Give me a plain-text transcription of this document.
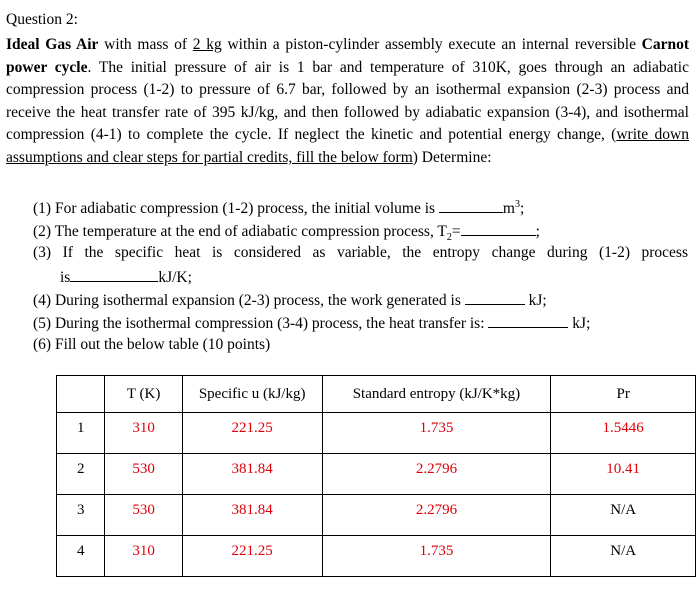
Question 2:
Ideal Gas Air with mass of 2 kg within a piston-cylinder assembly execute an internal reversible Carnot power cycle. The initial pressure of air is 1 bar and temperature of 310K, goes through an adiabatic compression process (1-2) to pressure of 6.7 bar, followed by an isothermal expansion (2-3) process and receive the heat transfer rate of 395 kJ/kg, and then followed by adiabatic expansion (3-4), and isothermal compression (4-1) to complete the cycle. If neglect the kinetic and potential energy change, (write down assumptions and clear steps for partial credits, fill the below form) Determine:
(1) For adiabatic compression (1-2) process, the initial volume is	$m^3$;
(2) The temperature at the end of adiabatic compression process, $T_2=$	;
(3) If the specific heat is considered as variable, the entropy change during (1-2) process
is	kJ/K;
(4) During isothermal expansion (2-3) process, the work generated is	kJ;
(5) During the isothermal compression (3-4) process, the heat transfer is:	kJ;
(6) Fill out the below table (10 points)
	T (K)	Specific u (kJ/kg)	Standard entropy (kJ/K*kg)	Pr
1	310	221.25	1.735	1.5446
2	530	381.84	2.2796	10.41
3	530	381.84	2.2796	N/A
4	310	221.25	1.735	N/A
